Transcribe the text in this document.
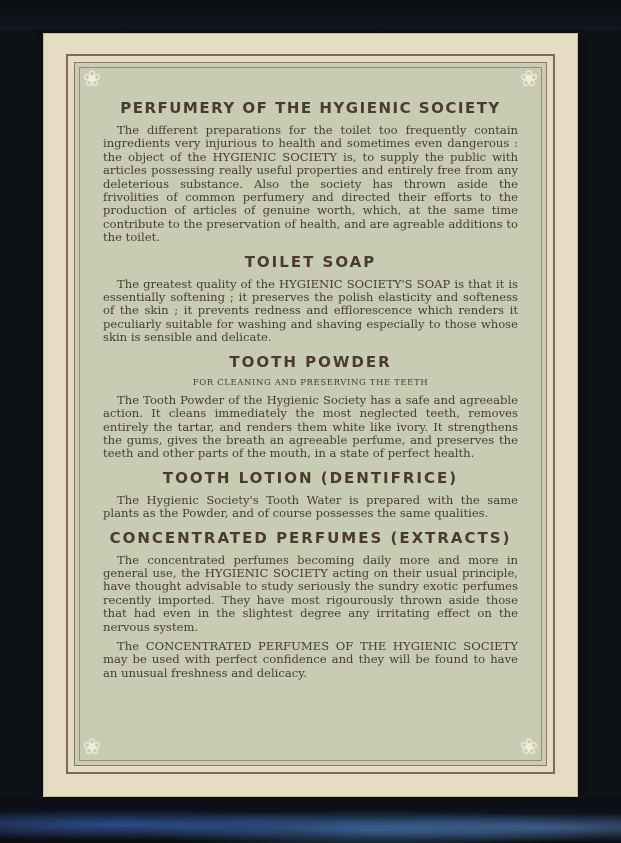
❀	❀
❀	❀
PERFUMERY OF THE HYGIENIC SOCIETY

The different preparations for the toilet too frequently contain ingredients very injurious to health and sometimes even dangerous : the object of the HYGIENIC SOCIETY is, to supply the public with articles possessing really useful properties and entirely free from any deleterious substance. Also the society has thrown aside the frivolities of common perfumery and directed their efforts to the production of articles of genuine worth, which, at the same time contribute to the preservation of health, and are agreable additions to the toilet.

TOILET SOAP

The greatest quality of the HYGIENIC SOCIETY'S SOAP is that it is essentially softening ; it preserves the polish elasticity and softeness of the skin ; it prevents redness and efflorescence which renders it peculiarly suitable for washing and shaving especially to those whose skin is sensible and delicate.

TOOTH POWDER
FOR CLEANING AND PRESERVING THE TEETH

The Tooth Powder of the Hygienic Society has a safe and agreeable action. It cleans immediately the most neglected teeth, removes entirely the tartar, and renders them white like ivory. It strengthens the gums, gives the breath an agreeable perfume, and preserves the teeth and other parts of the mouth, in a state of perfect health.

TOOTH LOTION (DENTIFRICE)

The Hygienic Society's Tooth Water is prepared with the same plants as the Powder, and of course possesses the same qualities.

CONCENTRATED PERFUMES (EXTRACTS)

The concentrated perfumes becoming daily more and more in general use, the HYGIENIC SOCIETY acting on their usual principle, have thought advisable to study seriously the sundry exotic perfumes recently imported. They have most rigourously thrown aside those that had even in the slightest degree any irritating effect on the nervous system.

The CONCENTRATED PERFUMES OF THE HYGIENIC SOCIETY may be used with perfect confidence and they will be found to have an unusual freshness and delicacy.
